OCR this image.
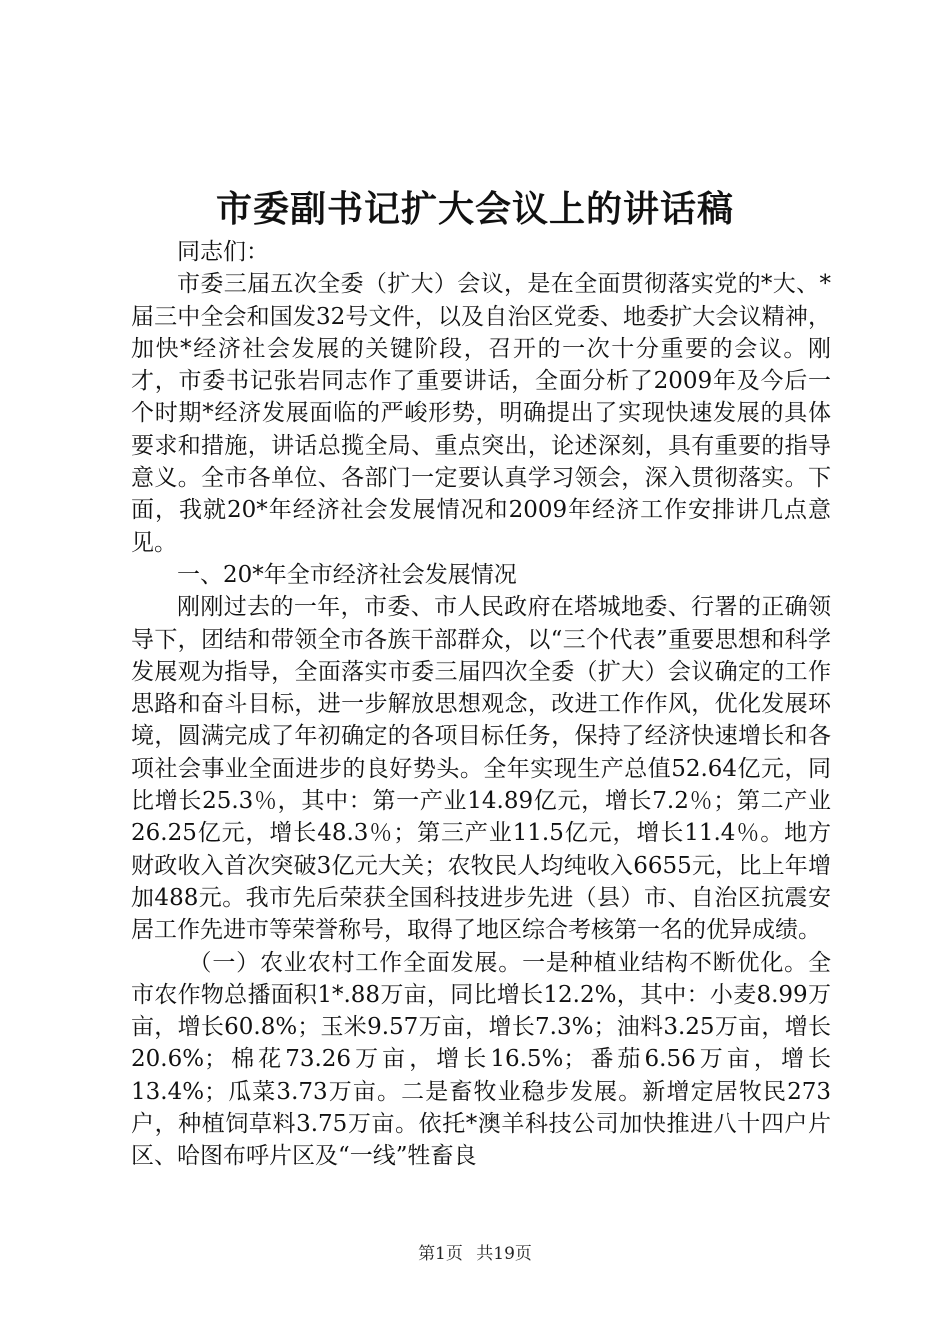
市委副书记扩大会议上的讲话稿

同志们：

市委三届五次全委（扩大）会议，是在全面贯彻落实党的*大、*届三中全会和国发32号文件，以及自治区党委、地委扩大会议精神，加快*经济社会发展的关键阶段，召开的一次十分重要的会议。刚才，市委书记张岩同志作了重要讲话，全面分析了2009年及今后一个时期*经济发展面临的严峻形势，明确提出了实现快速发展的具体要求和措施，讲话总揽全局、重点突出，论述深刻，具有重要的指导意义。全市各单位、各部门一定要认真学习领会，深入贯彻落实。下面，我就20*年经济社会发展情况和2009年经济工作安排讲几点意见。

一、20*年全市经济社会发展情况

刚刚过去的一年，市委、市人民政府在塔城地委、行署的正确领导下，团结和带领全市各族干部群众，以“三个代表”重要思想和科学发展观为指导，全面落实市委三届四次全委（扩大）会议确定的工作思路和奋斗目标，进一步解放思想观念，改进工作作风，优化发展环境，圆满完成了年初确定的各项目标任务，保持了经济快速增长和各项社会事业全面进步的良好势头。全年实现生产总值52.64亿元，同比增长25.3％，其中：第一产业14.89亿元，增长7.2％；第二产业26.25亿元，增长48.3％；第三产业11.5亿元，增长11.4％。地方财政收入首次突破3亿元大关；农牧民人均纯收入6655元，比上年增加488元。我市先后荣获全国科技进步先进（县）市、自治区抗震安居工作先进市等荣誉称号，取得了地区综合考核第一名的优异成绩。

（一）农业农村工作全面发展。一是种植业结构不断优化。全市农作物总播面积1*.88万亩，同比增长12.2%，其中：小麦8.99万亩，增长60.8%；玉米9.57万亩，增长7.3%；油料3.25万亩，增长20.6%；棉花73.26万亩，增长16.5%；番茄6.56万亩，增长13.4%；瓜菜3.73万亩。二是畜牧业稳步发展。新增定居牧民273户，种植饲草料3.75万亩。依托*澳羊科技公司加快推进八十四户片区、哈图布呼片区及“一线”牲畜良

第1页 共19页
